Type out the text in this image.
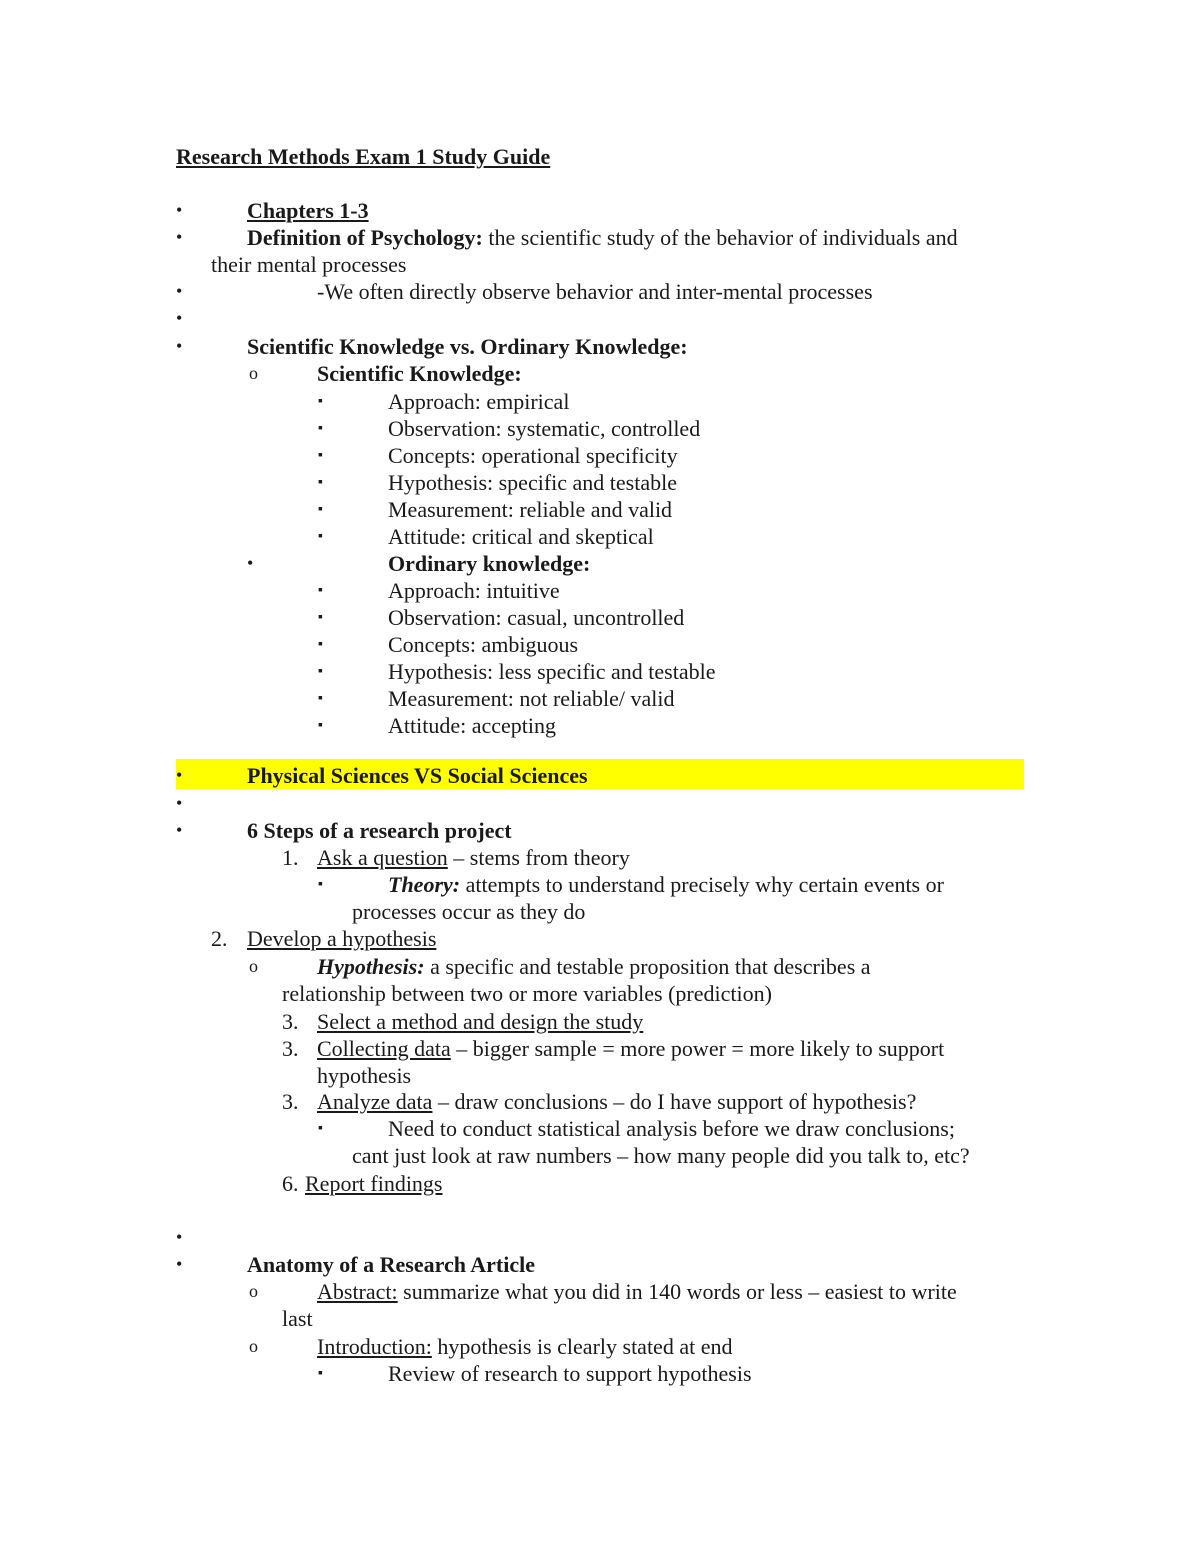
Research Methods Exam 1 Study Guide
•	Chapters 1-3
•	Definition of Psychology: the scientific study of the behavior of individuals and
their mental processes
•	-We often directly observe behavior and inter-mental processes
•
•	Scientific Knowledge vs. Ordinary Knowledge:
o	Scientific Knowledge:
▪	Approach: empirical
▪	Observation: systematic, controlled
▪	Concepts: operational specificity
▪	Hypothesis: specific and testable
▪	Measurement: reliable and valid
▪	Attitude: critical and skeptical
•	Ordinary knowledge:
▪	Approach: intuitive
▪	Observation: casual, uncontrolled
▪	Concepts: ambiguous
▪	Hypothesis: less specific and testable
▪	Measurement: not reliable/ valid
▪	Attitude: accepting
•	Physical Sciences VS Social Sciences
•
•	6 Steps of a research project
1. Ask a question – stems from theory
▪	Theory: attempts to understand precisely why certain events or
processes occur as they do
2. Develop a hypothesis
o	Hypothesis: a specific and testable proposition that describes a
relationship between two or more variables (prediction)
3. Select a method and design the study
3. Collecting data – bigger sample = more power = more likely to support
hypothesis
3. Analyze data – draw conclusions – do I have support of hypothesis?
▪	Need to conduct statistical analysis before we draw conclusions;
cant just look at raw numbers – how many people did you talk to, etc?
6. Report findings
•
•	Anatomy of a Research Article
o	Abstract: summarize what you did in 140 words or less – easiest to write
last
o	Introduction: hypothesis is clearly stated at end
▪	Review of research to support hypothesis
